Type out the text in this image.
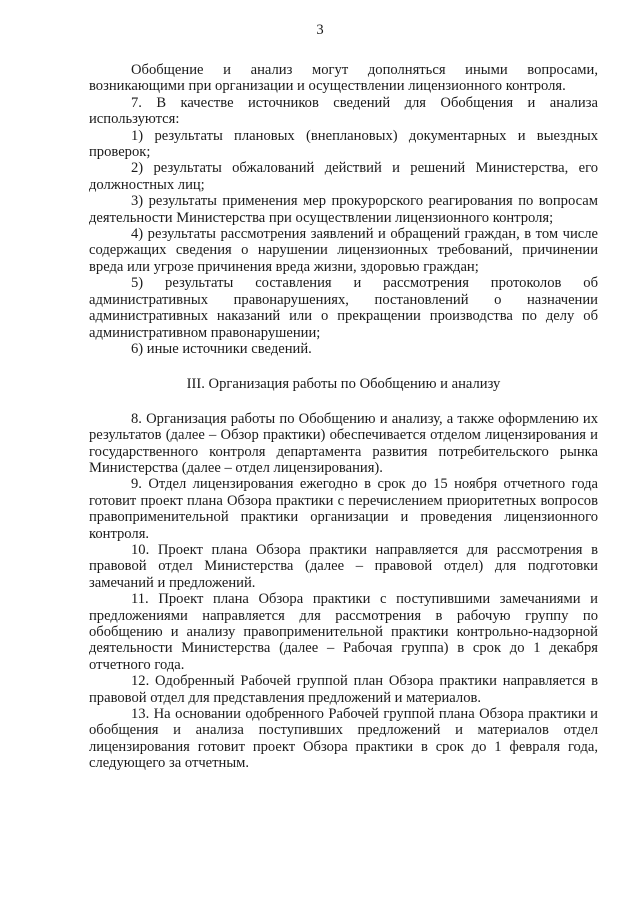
3

Обобщение и анализ могут дополняться иными вопросами, возникающими при организации и осуществлении лицензионного контроля.

7. В качестве источников сведений для Обобщения и анализа используются:

1) результаты плановых (внеплановых) документарных и выездных проверок;

2) результаты обжалований действий и решений Министерства, его должностных лиц;

3) результаты применения мер прокурорского реагирования по вопросам деятельности Министерства при осуществлении лицензионного контроля;

4) результаты рассмотрения заявлений и обращений граждан, в том числе содержащих сведения о нарушении лицензионных требований, причинении вреда или угрозе причинения вреда жизни, здоровью граждан;

5) результаты составления и рассмотрения протоколов об административных правонарушениях, постановлений о назначении административных наказаний или о прекращении производства по делу об административном правонарушении;

6) иные источники сведений.

III. Организация работы по Обобщению и анализу

8. Организация работы по Обобщению и анализу, а также оформлению их результатов (далее – Обзор практики) обеспечивается отделом лицензирования и государственного контроля департамента развития потребительского рынка Министерства (далее – отдел лицензирования).

9. Отдел лицензирования ежегодно в срок до 15 ноября отчетного года готовит проект плана Обзора практики с перечислением приоритетных вопросов правоприменительной практики организации и проведения лицензионного контроля.

10. Проект плана Обзора практики направляется для рассмотрения в правовой отдел Министерства (далее – правовой отдел) для подготовки замечаний и предложений.

11. Проект плана Обзора практики с поступившими замечаниями и предложениями направляется для рассмотрения в рабочую группу по обобщению и анализу правоприменительной практики контрольно-надзорной деятельности Министерства (далее – Рабочая группа) в срок до 1 декабря отчетного года.

12. Одобренный Рабочей группой план Обзора практики направляется в правовой отдел для представления предложений и материалов.

13. На основании одобренного Рабочей группой плана Обзора практики и обобщения и анализа поступивших предложений и материалов отдел лицензирования готовит проект Обзора практики в срок до 1 февраля года, следующего за отчетным.
